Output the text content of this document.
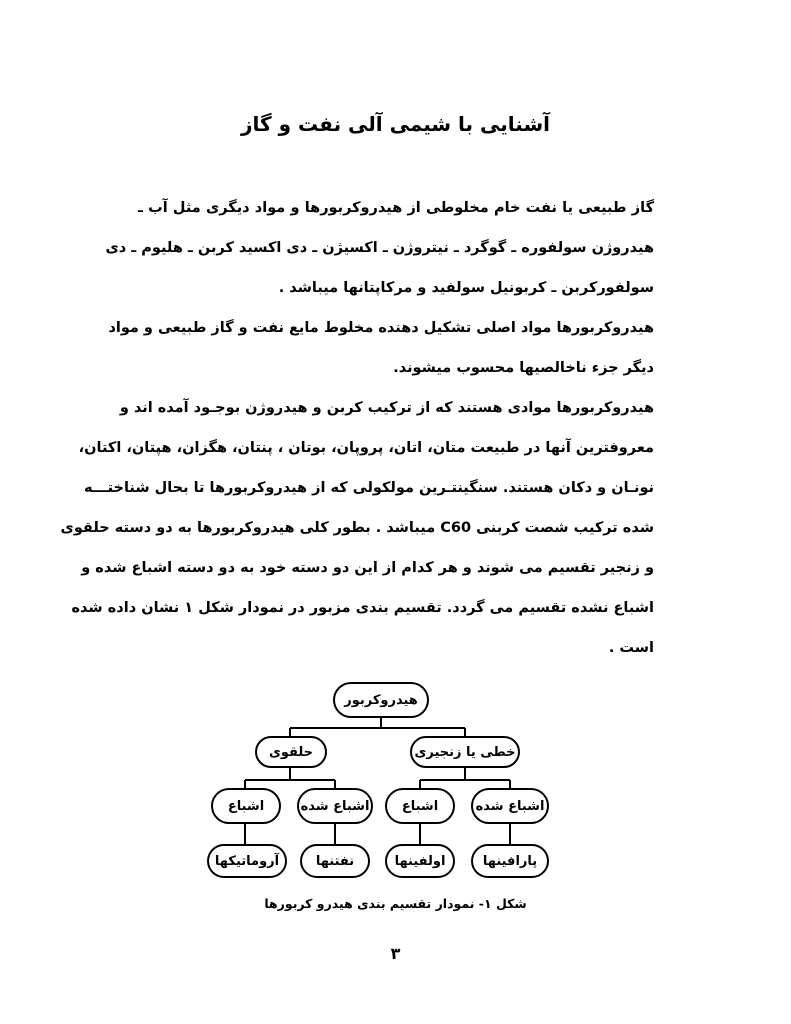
آشنایی با شیمی آلی نفت و گاز
گاز طبیعی یا نفت خام مخلوطی از هیدروکربورها و مواد دیگری مثل آب ـ
هیدروژن سولفوره ـ گوگرد ـ نیتروژن ـ اکسیژن ـ دی اکسید کربن ـ هلیوم ـ دی
سولفورکربن ـ کربونیل سولفید و مرکاپتانها میباشد .
هیدروکربورها مواد اصلی تشکیل دهنده مخلوط مایع نفت و گاز طبیعی و مواد
دیگر جزء ناخالصیها محسوب میشوند.
هیدروکربورها موادی هستند که از ترکیب کربن و هیدروژن بوجـود آمده اند و
معروفترین آنها در طبیعت متان، اتان، پروپان، بوتان ، پنتان، هگزان، هپتان، اکتان،
نونـان و دکان هستند. سنگینتـرین مولکولی که از هیدروکربورها تا بحال شناختـــه
شده ترکیب شصت کربنی C60 میباشد . بطور کلی هیدروکربورها به دو دسته حلقوی
و زنجیر تقسیم می شوند و هر کدام از این دو دسته خود به دو دسته اشباع شده و
اشباع نشده تقسیم می گردد. تقسیم بندی مزبور در نمودار شکل ۱ نشان داده شده
است .
هیدروکربور
حلقوی	خطی یا زنجیری
اشباع	اشباع شده	اشباع	اشباع شده
آروماتیکها	نفتنها	اولفینها	پارافینها
شکل ۱- نمودار تقسیم بندی هیدرو کربورها
۳
